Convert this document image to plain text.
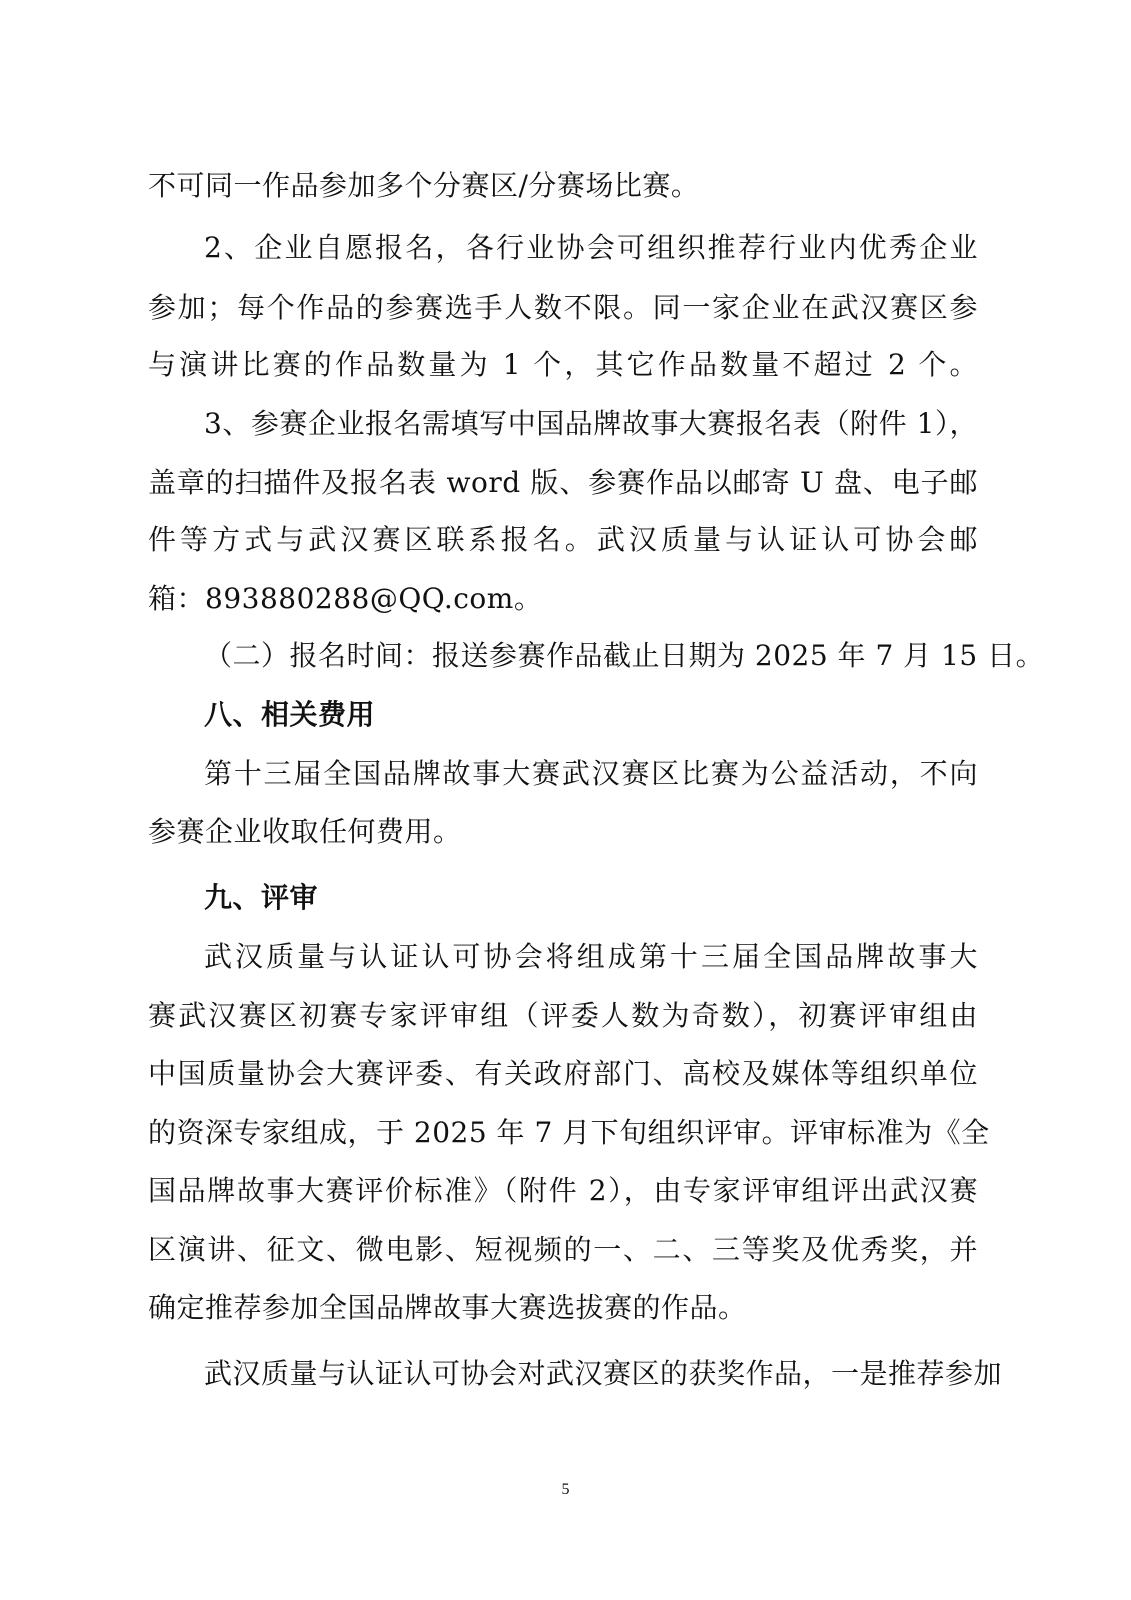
不可同一作品参加多个分赛区/分赛场比赛。
2、企业自愿报名，各行业协会可组织推荐行业内优秀企业
参加；每个作品的参赛选手人数不限。同一家企业在武汉赛区参
与演讲比赛的作品数量为 1 个，其它作品数量不超过 2 个。
3、参赛企业报名需填写中国品牌故事大赛报名表（附件 1），
盖章的扫描件及报名表 word 版、参赛作品以邮寄 U 盘、电子邮
件等方式与武汉赛区联系报名。武汉质量与认证认可协会邮
箱：893880288@QQ.com。
（二）报名时间：报送参赛作品截止日期为 2025 年 7 月 15 日。
八、相关费用
第十三届全国品牌故事大赛武汉赛区比赛为公益活动，不向
参赛企业收取任何费用。
九、评审
武汉质量与认证认可协会将组成第十三届全国品牌故事大
赛武汉赛区初赛专家评审组（评委人数为奇数），初赛评审组由
中国质量协会大赛评委、有关政府部门、高校及媒体等组织单位
的资深专家组成，于 2025 年 7 月下旬组织评审。评审标准为《全
国品牌故事大赛评价标准》（附件 2），由专家评审组评出武汉赛
区演讲、征文、微电影、短视频的一、二、三等奖及优秀奖，并
确定推荐参加全国品牌故事大赛选拔赛的作品。
武汉质量与认证认可协会对武汉赛区的获奖作品，一是推荐参加
5
